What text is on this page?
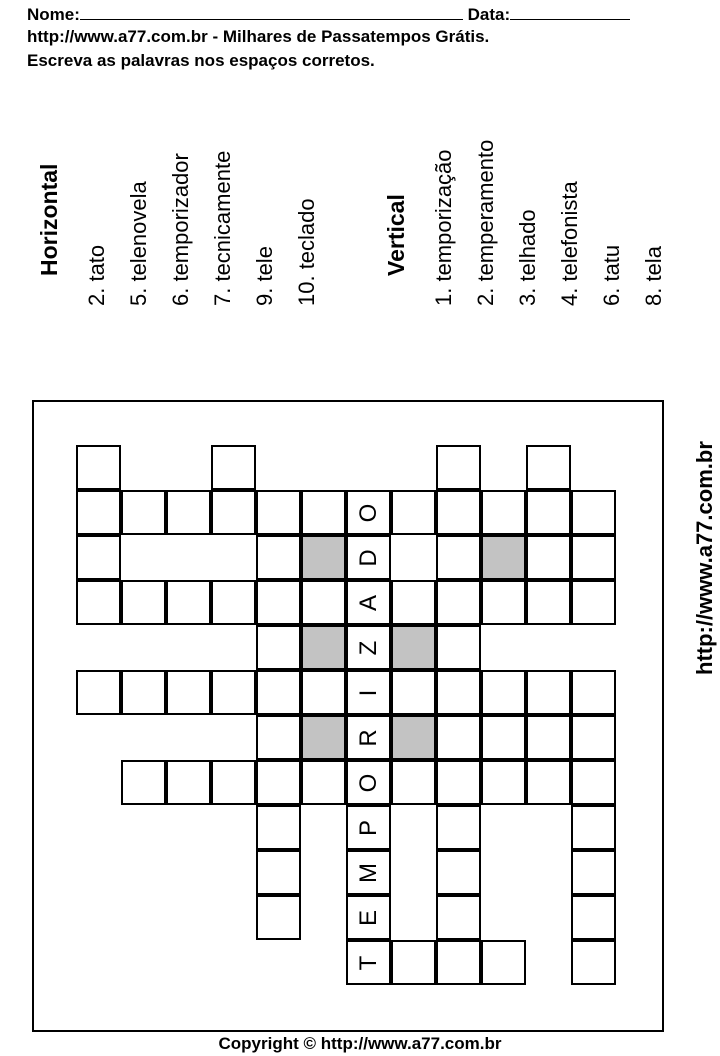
Nome:	Data:
http://www.a77.com.br - Milhares de Passatempos Grátis.
Escreva as palavras nos espaços corretos.
Horizontal 2. tato 5. telenovela 6. temporizador 7. tecnicamente 9. tele 10. teclado	Vertical 1. temporização 2. temperamento 3. telhado 4. telefonista 6. tatu 8. tela
http://www.a77.com.br
O
D
A
Z
I
R
O
P
M
E
T
Copyright © http://www.a77.com.br
